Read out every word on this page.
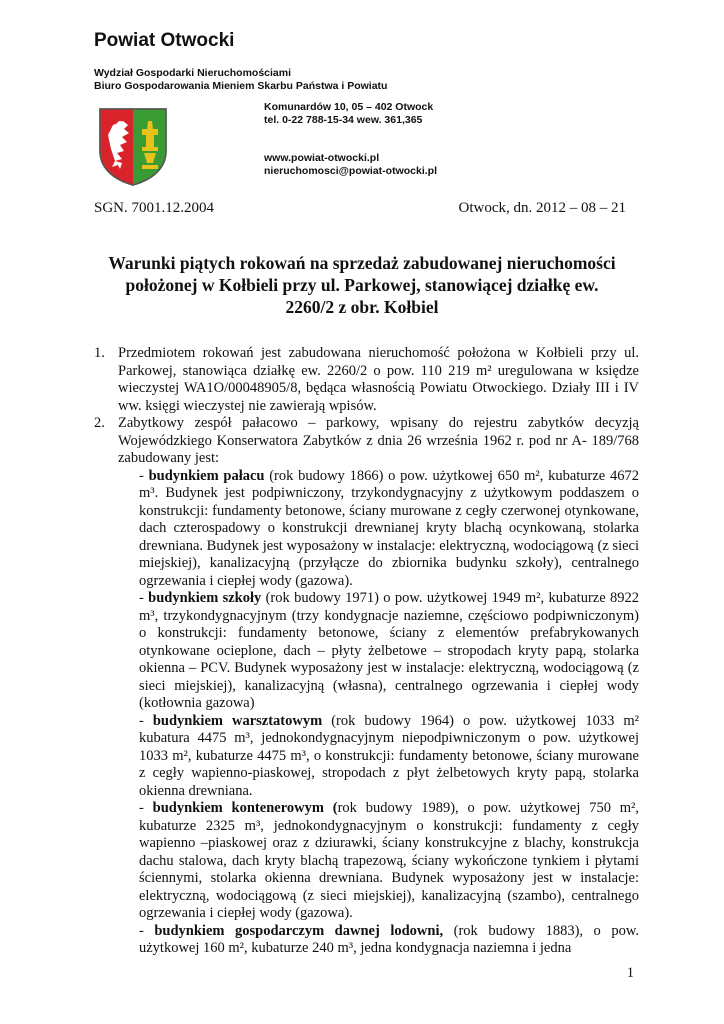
Powiat Otwocki
Wydział Gospodarki Nieruchomościami
Biuro Gospodarowania Mieniem Skarbu Państwa i Powiatu
Komunardów 10, 05 – 402 Otwock
tel. 0-22 788-15-34 wew. 361,365
www.powiat-otwocki.pl
nieruchomosci@powiat-otwocki.pl
SGN. 7001.12.2004	Otwock, dn. 2012 – 08 – 21
Warunki piątych rokowań na sprzedaż zabudowanej nieruchomości
położonej w Kołbieli przy ul. Parkowej, stanowiącej działkę ew.
2260/2 z obr. Kołbiel
1. Przedmiotem rokowań jest zabudowana nieruchomość położona w Kołbieli przy ul. Parkowej, stanowiąca działkę ew. 2260/2 o pow. 110 219 m² uregulowana w księdze wieczystej WA1O/00048905/8, będąca własnością Powiatu Otwockiego. Działy III i IV ww. księgi wieczystej nie zawierają wpisów.
2. Zabytkowy zespół pałacowo – parkowy, wpisany do rejestru zabytków decyzją Wojewódzkiego Konserwatora Zabytków z dnia 26 września 1962 r. pod nr A- 189/768 zabudowany jest:
- budynkiem pałacu (rok budowy 1866) o pow. użytkowej 650 m², kubaturze 4672 m³. Budynek jest podpiwniczony, trzykondygnacyjny z użytkowym poddaszem o konstrukcji: fundamenty betonowe, ściany murowane z cegły czerwonej otynkowane, dach czterospadowy o konstrukcji drewnianej kryty blachą ocynkowaną, stolarka drewniana. Budynek jest wyposażony w instalacje: elektryczną, wodociągową (z sieci miejskiej), kanalizacyjną (przyłącze do zbiornika budynku szkoły), centralnego ogrzewania i ciepłej wody (gazowa).
- budynkiem szkoły (rok budowy 1971) o pow. użytkowej 1949 m², kubaturze 8922 m³, trzykondygnacyjnym (trzy kondygnacje naziemne, częściowo podpiwniczonym) o konstrukcji: fundamenty betonowe, ściany z elementów prefabrykowanych otynkowane ocieplone, dach – płyty żelbetowe – stropodach kryty papą, stolarka okienna – PCV. Budynek wyposażony jest w instalacje: elektryczną, wodociągową (z sieci miejskiej), kanalizacyjną (własna), centralnego ogrzewania i ciepłej wody (kotłownia gazowa)
- budynkiem warsztatowym (rok budowy 1964) o pow. użytkowej 1033 m² kubatura 4475 m³, jednokondygnacyjnym niepodpiwniczonym o pow. użytkowej 1033 m², kubaturze 4475 m³, o konstrukcji: fundamenty betonowe, ściany murowane z cegły wapienno-piaskowej, stropodach z płyt żelbetowych kryty papą, stolarka okienna drewniana.
- budynkiem kontenerowym (rok budowy 1989), o pow. użytkowej 750 m², kubaturze 2325 m³, jednokondygnacyjnym o konstrukcji: fundamenty z cegły wapienno –piaskowej oraz z dziurawki, ściany konstrukcyjne z blachy, konstrukcja dachu stalowa, dach kryty blachą trapezową, ściany wykończone tynkiem i płytami ściennymi, stolarka okienna drewniana. Budynek wyposażony jest w instalacje: elektryczną, wodociągową (z sieci miejskiej), kanalizacyjną (szambo), centralnego ogrzewania i ciepłej wody (gazowa).
- budynkiem gospodarczym dawnej lodowni, (rok budowy 1883), o pow. użytkowej 160 m², kubaturze 240 m³, jedna kondygnacja naziemna i jedna
1
